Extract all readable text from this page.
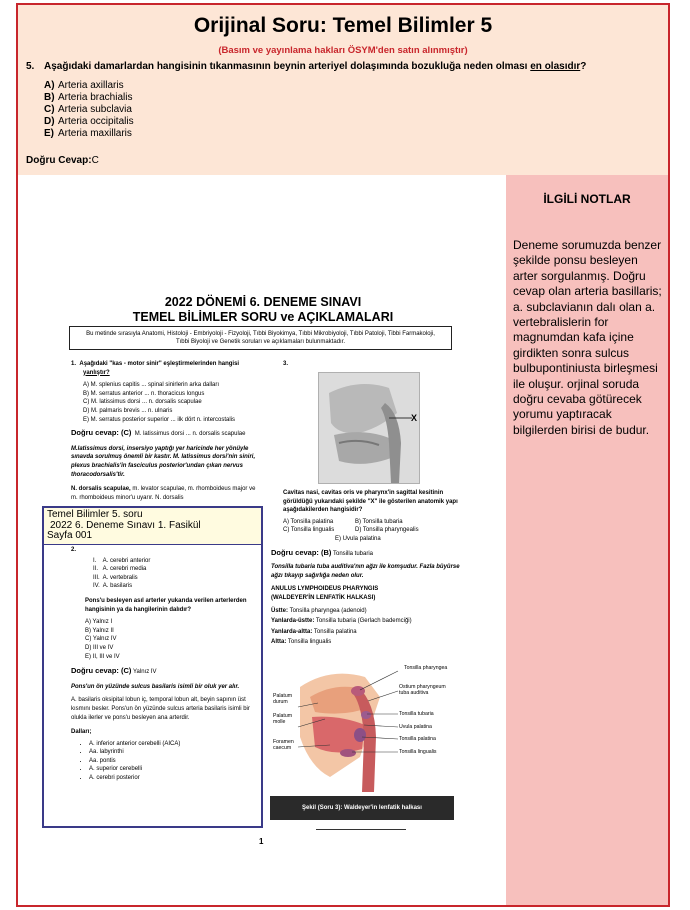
Orijinal Soru: Temel Bilimler 5
(Basım ve yayınlama hakları ÖSYM'den satın alınmıştır)
5. Aşağıdaki damarlardan hangisinin tıkanmasının beynin arteriyel dolaşımında bozukluğa neden olması en olasıdır?
A) Arteria axillaris
B) Arteria brachialis
C) Arteria subclavia
D) Arteria occipitalis
E) Arteria maxillaris
Doğru Cevap:C
İLGİLİ NOTLAR
Deneme sorumuzda benzer şekilde ponsu besleyen arter sorgulanmış. Doğru cevap olan arteria basillaris; a. subclavianın dalı olan a. vertebralislerin for magnumdan kafa içine girdikten sonra sulcus bulbupontiniusta birleşmesi ile oluşur. orjinal soruda doğru cevaba götürecek yorumu yaptıracak bilgilerden birisi de budur.
2022 DÖNEMİ 6. DENEME SINAVI
TEMEL BİLİMLER SORU ve AÇIKLAMALARI
Bu metinde sırasıyla Anatomi, Histoloji - Embriyoloji - Fizyoloji, Tıbbi Biyokimya, Tıbbi Mikrobiyoloji, Tıbbi Patoloji, Tibbi Farmakoloji, Tıbbi Biyoloji ve Genetik soruları ve açıklamaları bulunmaktadır.
1. Aşağıdaki "kas - motor sinir" eşleştirmelerinden hangisi
yanlıştır?
A) M. splenius capitis ... spinal sinirlerin arka dalları
B) M. serratus anterior ... n. thoracicus longus
C) M. latissimus dorsi ... n. dorsalis scapulae
D) M. palmaris brevis ... n. ulnaris
E) M. serratus posterior superior ... ilk dört n. intercostalis
Doğru cevap: (C) M. latissimus dorsi ... n. dorsalis scapulae
M.latissimus dorsi, insersiyo yaptığı yer haricinde her yönüyle sınavda sorulmuş önemli bir kastır. M. latissimus dorsi'nin siniri, plexus brachialis'in fasciculus posterior'undan çıkan nervus thoracodorsalis'tir.
N. dorsalis scapulae, m. levator scapulae, m. rhomboideus major ve m. rhomboideus minor'u uyarır. N. dorsalis
2.
I.    A. cerebri anterior
II.   A. cerebri media
III.  A. vertebralis
IV.  A. basilaris
Pons'u besleyen asıl arterler yukarıda verilen arterlerden hangisinin ya da hangilerinin dalıdır?
A) Yalnız I
B) Yalnız II
C) Yalnız IV
D) III ve IV
E) II, III ve IV
Doğru cevap: (C) Yalnız IV
Pons'un ön yüzünde sulcus basilaris isimli bir oluk yer alır.
A. basilaris oksipital lobun iç, temporal lobun alt, beyin sapının üst kısmını besler. Pons'un ön yüzünde sulcus arteria basilaris isimli bir olukla ilerler ve pons'u besleyen ana arterdir.
Dalları;
• A. inferior anterior cerebelli (AICA)
• Aa. labyrinthi
• Aa. pontis
• A. superior cerebelli
• A. cerebri posterior
Temel Bilimler 5. soru
2022 6. Deneme Sınavı 1. Fasikül
Sayfa 001
3.
X
Cavitas nasi, cavitas oris ve pharynx'in sagittal kesitinin görüldüğü yukarıdaki şekilde "X" ile gösterilen anatomik yapı aşağıdakilerden hangisidir?
A) Tonsilla palatina	B) Tonsilla tubaria
C) Tonsilla lingualis	D) Tonsilla pharyngealis
E) Uvula palatina
Doğru cevap: (B) Tonsilla tubaria
Tonsilla tubaria tuba auditiva'nın ağzı ile komşudur. Fazla büyürse ağzı tıkayıp sağırlığa neden olur.
ANULUS LYMPHOIDEUS PHARYNGIS
(WALDEYER'İN LENFATİK HALKASI)
Üstte: Tonsilla pharyngea (adenoid)
Yanlarda-üstte: Tonsilla tubaria (Gerlach bademciği)
Yanlarda-altta: Tonsilla palatina
Altta: Tonsilla lingualis
Tonsilla pharyngea
Ostium pharyngeum tuba auditiva
Tonsilla tubaria
Uvula palatina
Tonsilla palatina
Tonsilla lingualis
Palatum durum
Palatum molle
Foramen caecum
Şekil (Soru 3): Waldeyer'in lenfatik halkası
1
